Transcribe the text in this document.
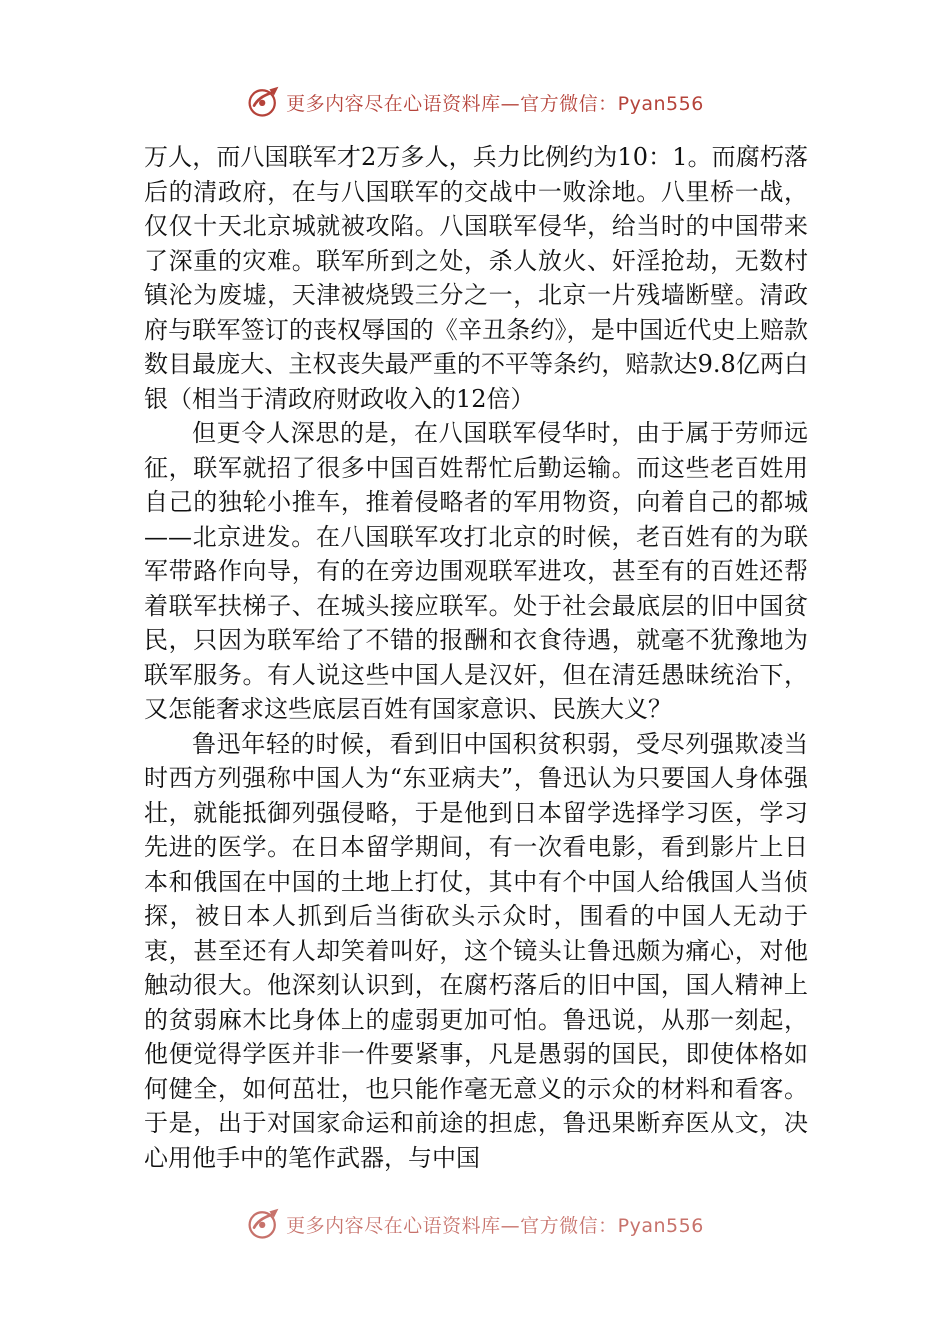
更多内容尽在心语资料库—官方微信：Pyan556

万人，而八国联军才2万多人，兵力比例约为10：1。而腐朽落后的清政府，在与八国联军的交战中一败涂地。八里桥一战，仅仅十天北京城就被攻陷。八国联军侵华，给当时的中国带来了深重的灾难。联军所到之处，杀人放火、奸淫抢劫，无数村镇沦为废墟，天津被烧毁三分之一，北京一片残墙断壁。清政府与联军签订的丧权辱国的《辛丑条约》，是中国近代史上赔款数目最庞大、主权丧失最严重的不平等条约，赔款达9.8亿两白银（相当于清政府财政收入的12倍）

但更令人深思的是，在八国联军侵华时，由于属于劳师远征，联军就招了很多中国百姓帮忙后勤运输。而这些老百姓用自己的独轮小推车，推着侵略者的军用物资，向着自己的都城——北京进发。在八国联军攻打北京的时候，老百姓有的为联军带路作向导，有的在旁边围观联军进攻，甚至有的百姓还帮着联军扶梯子、在城头接应联军。处于社会最底层的旧中国贫民，只因为联军给了不错的报酬和衣食待遇，就毫不犹豫地为联军服务。有人说这些中国人是汉奸，但在清廷愚昧统治下，又怎能奢求这些底层百姓有国家意识、民族大义？

鲁迅年轻的时候，看到旧中国积贫积弱，受尽列强欺凌当时西方列强称中国人为“东亚病夫”，鲁迅认为只要国人身体强壮，就能抵御列强侵略，于是他到日本留学选择学习医，学习先进的医学。在日本留学期间，有一次看电影，看到影片上日本和俄国在中国的土地上打仗，其中有个中国人给俄国人当侦探，被日本人抓到后当街砍头示众时，围看的中国人无动于衷，甚至还有人却笑着叫好，这个镜头让鲁迅颇为痛心，对他触动很大。他深刻认识到，在腐朽落后的旧中国，国人精神上的贫弱麻木比身体上的虚弱更加可怕。鲁迅说，从那一刻起，他便觉得学医并非一件要紧事，凡是愚弱的国民，即使体格如何健全，如何茁壮，也只能作毫无意义的示众的材料和看客。于是，出于对国家命运和前途的担虑，鲁迅果断弃医从文，决心用他手中的笔作武器，与中国

更多内容尽在心语资料库—官方微信：Pyan556
